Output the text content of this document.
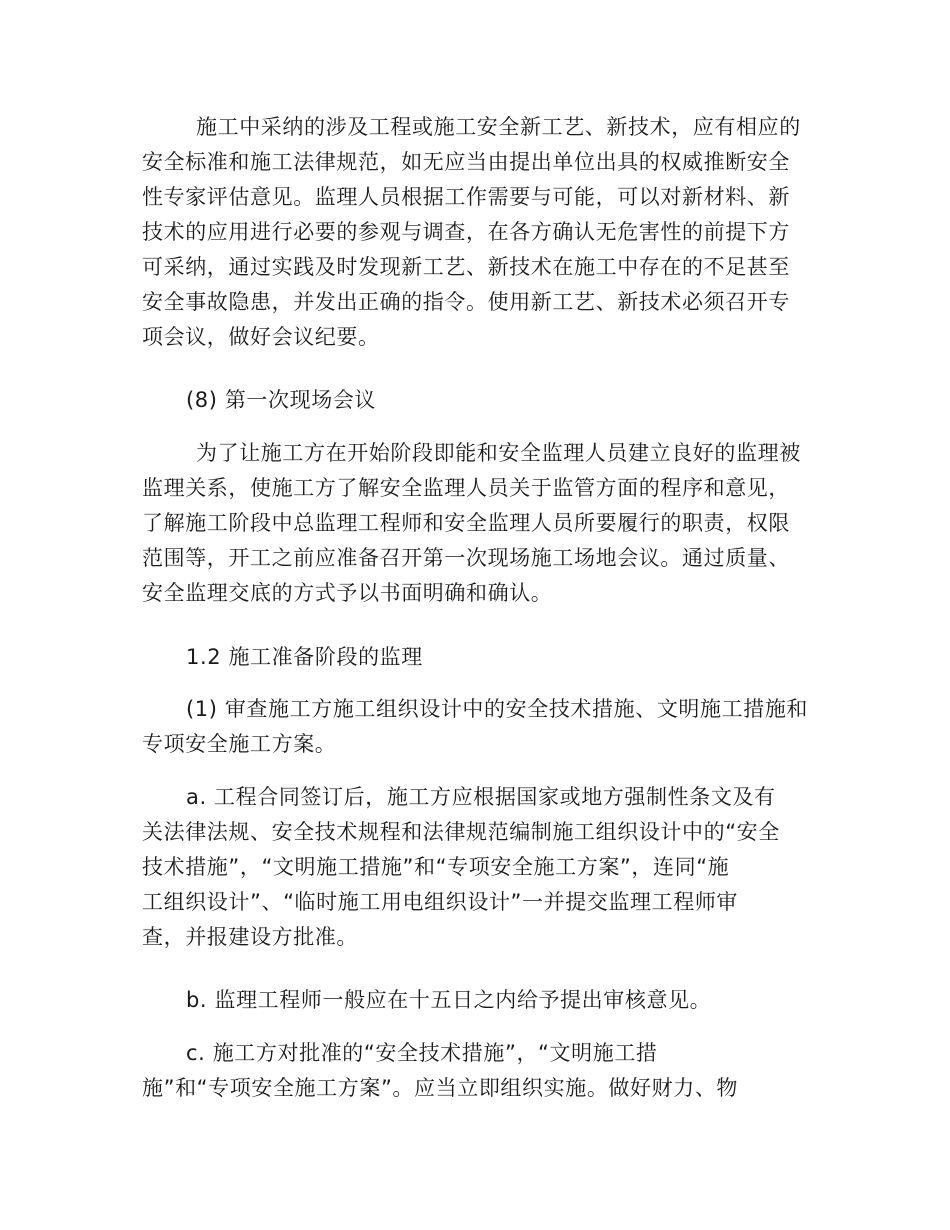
施工中采纳的涉及工程或施工安全新工艺、新技术，应有相应的
安全标准和施工法律规范，如无应当由提出单位出具的权威推断安全
性专家评估意见。监理人员根据工作需要与可能，可以对新材料、新
技术的应用进行必要的参观与调查，在各方确认无危害性的前提下方
可采纳，通过实践及时发现新工艺、新技术在施工中存在的不足甚至
安全事故隐患，并发出正确的指令。使用新工艺、新技术必须召开专
项会议，做好会议纪要。

(8) 第一次现场会议

为了让施工方在开始阶段即能和安全监理人员建立良好的监理被
监理关系，使施工方了解安全监理人员关于监管方面的程序和意见，
了解施工阶段中总监理工程师和安全监理人员所要履行的职责，权限
范围等，开工之前应准备召开第一次现场施工场地会议。通过质量、
安全监理交底的方式予以书面明确和确认。

1.2 施工准备阶段的监理

(1) 审查施工方施工组织设计中的安全技术措施、文明施工措施和
专项安全施工方案。

a. 工程合同签订后，施工方应根据国家或地方强制性条文及有
关法律法规、安全技术规程和法律规范编制施工组织设计中的“安全
技术措施”，“文明施工措施”和“专项安全施工方案”，连同“施
工组织设计”、“临时施工用电组织设计”一并提交监理工程师审
查，并报建设方批准。

b. 监理工程师一般应在十五日之内给予提出审核意见。

c. 施工方对批准的“安全技术措施”，“文明施工措
施”和“专项安全施工方案”。应当立即组织实施。做好财力、物
